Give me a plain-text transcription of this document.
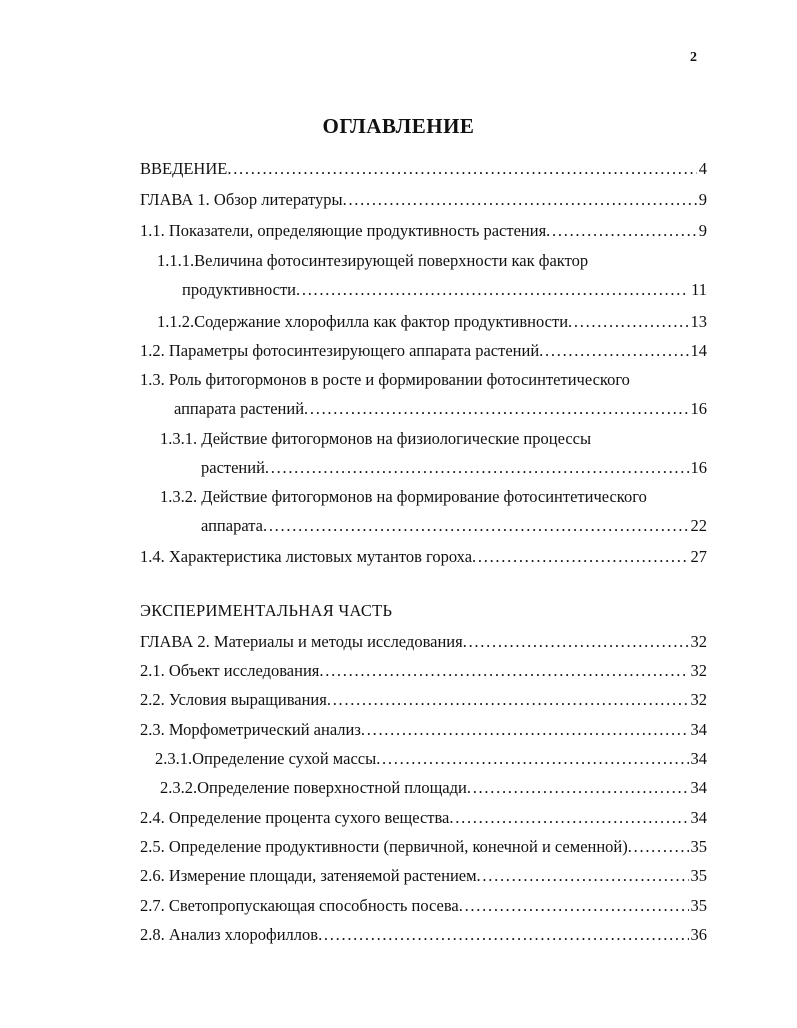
2
ОГЛАВЛЕНИЕ
ВВЕДЕНИЕ . . .	4
ГЛАВА 1. Обзор литературы . . .	9
1.1. Показатели, определяющие продуктивность растения . . .	9
1.1.1.Величина фотосинтезирующей поверхности как фактор
продуктивности . . .	11
1.1.2.Содержание хлорофилла как фактор продуктивности . . .	13
1.2. Параметры фотосинтезирующего аппарата растений . . .	14
1.3. Роль фитогормонов в росте и формировании фотосинтетического
аппарата растений . . .	16
1.3.1. Действие фитогормонов на физиологические процессы
растений . . .	16
1.3.2. Действие фитогормонов на формирование фотосинтетического
аппарата . . .	22
1.4. Характеристика листовых мутантов гороха . . .	27
ЭКСПЕРИМЕНТАЛЬНАЯ ЧАСТЬ
ГЛАВА 2. Материалы и методы исследования . . .	32
2.1. Объект исследования . . .	32
2.2. Условия выращивания . . .	32
2.3. Морфометрический анализ . . .	34
2.3.1.Определение сухой массы . . .	34
2.3.2.Определение поверхностной площади . . .	34
2.4. Определение процента сухого вещества . . .	34
2.5. Определение продуктивности (первичной, конечной и семенной) . . .	35
2.6. Измерение площади, затеняемой растением . . .	35
2.7. Светопропускающая способность посева . . .	35
2.8. Анализ хлорофиллов . . .	36
